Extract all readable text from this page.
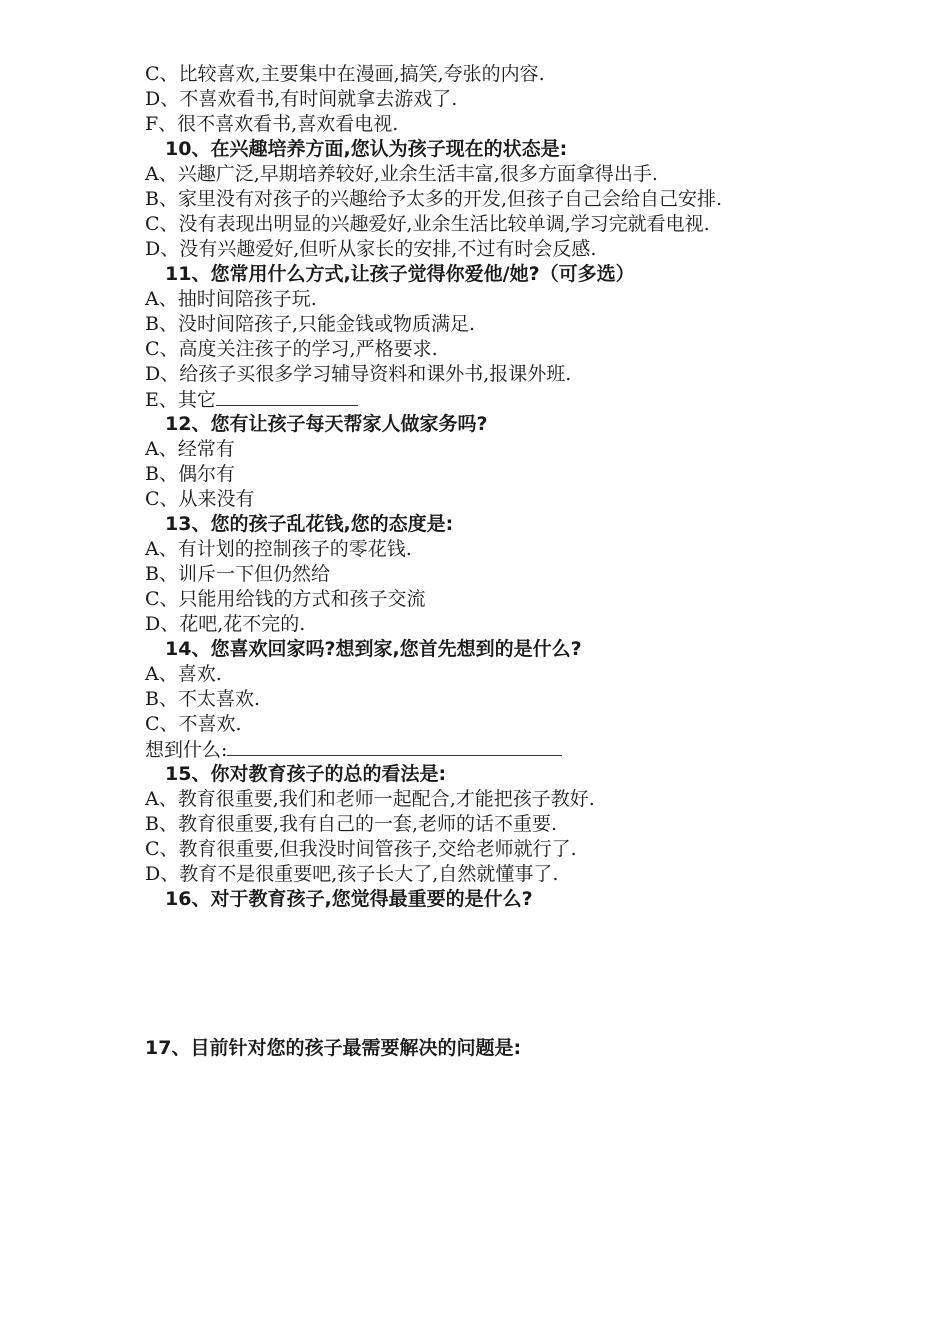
C、比较喜欢,主要集中在漫画,搞笑,夸张的内容.
D、不喜欢看书,有时间就拿去游戏了.
F、很不喜欢看书,喜欢看电视.
10、在兴趣培养方面,您认为孩子现在的状态是:
A、兴趣广泛,早期培养较好,业余生活丰富,很多方面拿得出手.
B、家里没有对孩子的兴趣给予太多的开发,但孩子自己会给自己安排.
C、没有表现出明显的兴趣爱好,业余生活比较单调,学习完就看电视.
D、没有兴趣爱好,但听从家长的安排,不过有时会反感.
11、您常用什么方式,让孩子觉得你爱他/她?（可多选）
A、抽时间陪孩子玩.
B、没时间陪孩子,只能金钱或物质满足.
C、高度关注孩子的学习,严格要求.
D、给孩子买很多学习辅导资料和课外书,报课外班.
E、其它
12、您有让孩子每天帮家人做家务吗?
A、经常有
B、偶尔有
C、从来没有
13、您的孩子乱花钱,您的态度是:
A、有计划的控制孩子的零花钱.
B、训斥一下但仍然给
C、只能用给钱的方式和孩子交流
D、花吧,花不完的.
14、您喜欢回家吗?想到家,您首先想到的是什么?
A、喜欢.
B、不太喜欢.
C、不喜欢.
想到什么:
15、你对教育孩子的总的看法是:
A、教育很重要,我们和老师一起配合,才能把孩子教好.
B、教育很重要,我有自己的一套,老师的话不重要.
C、教育很重要,但我没时间管孩子,交给老师就行了.
D、教育不是很重要吧,孩子长大了,自然就懂事了.
16、对于教育孩子,您觉得最重要的是什么?
17、目前针对您的孩子最需要解决的问题是:
